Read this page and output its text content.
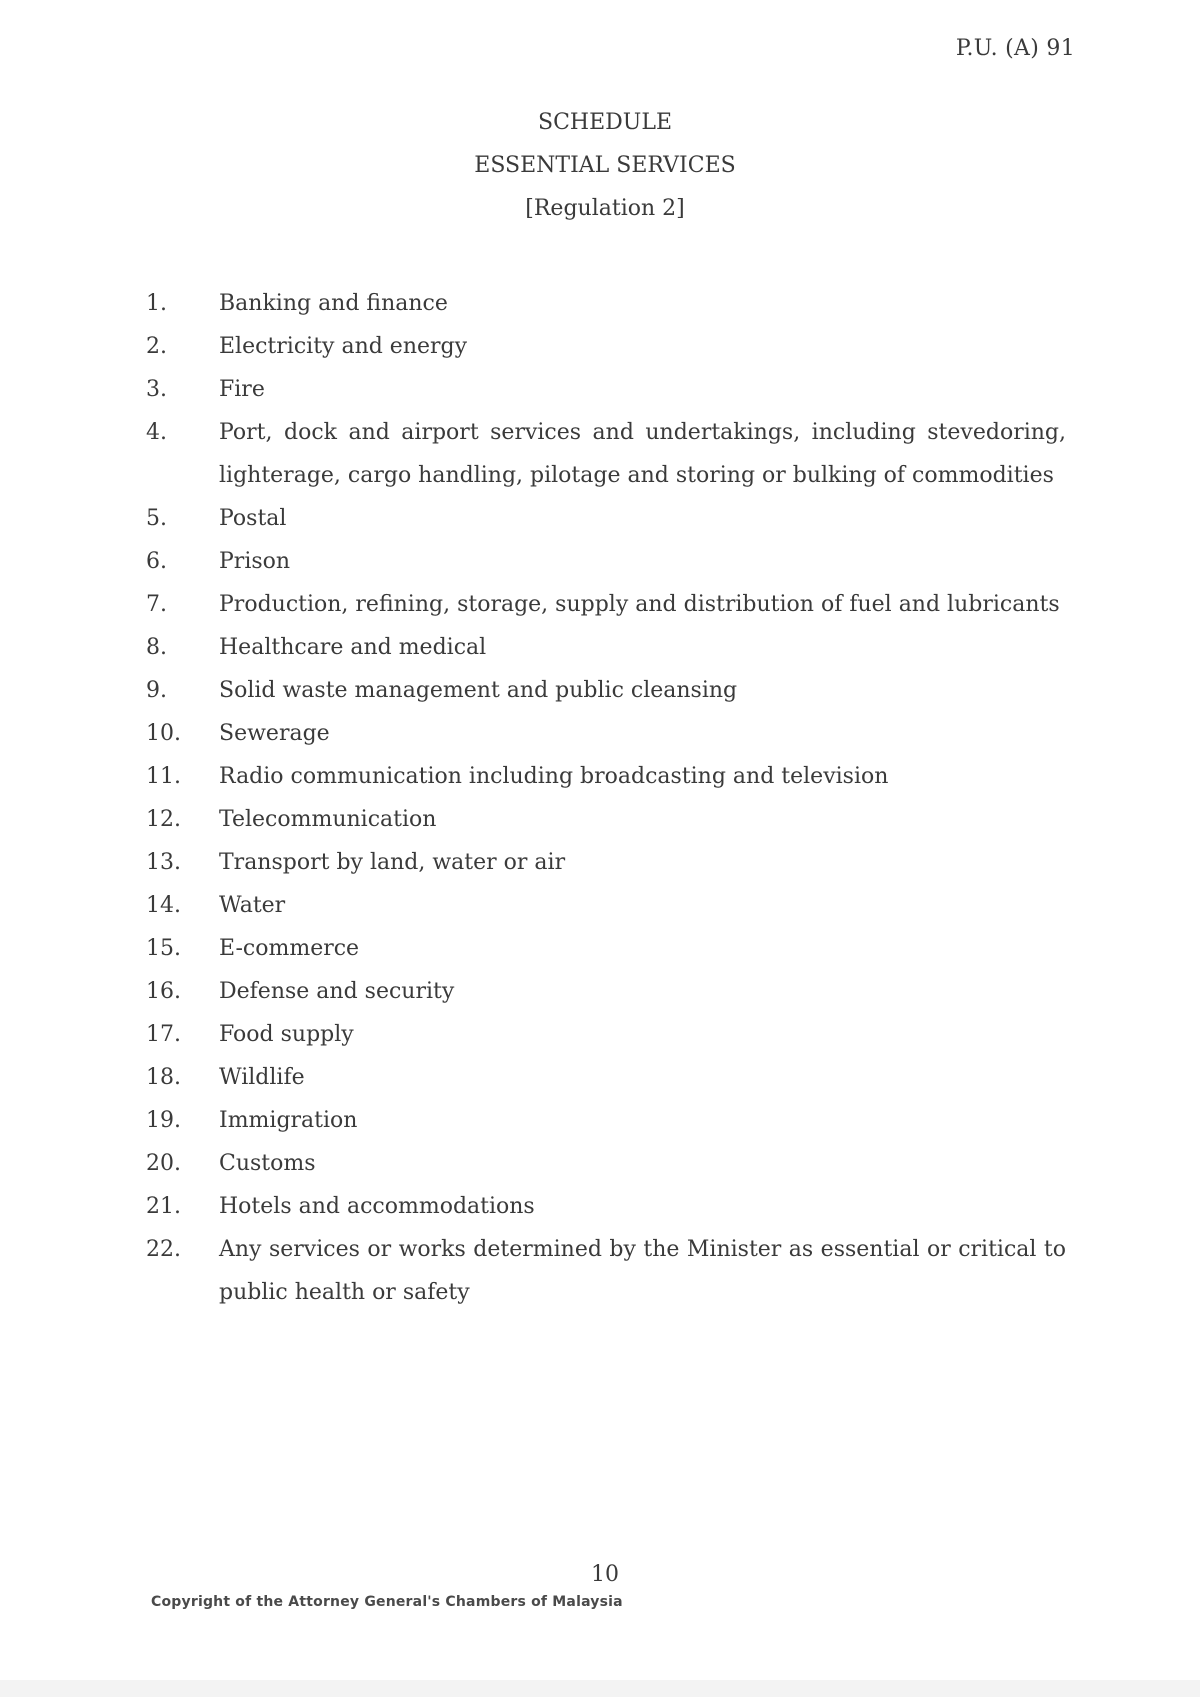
P.U. (A) 91
SCHEDULE
ESSENTIAL SERVICES
[Regulation 2]
1.	Banking and finance
2.	Electricity and energy
3.	Fire
4.	Port, dock and airport services and undertakings, including stevedoring, lighterage, cargo handling, pilotage and storing or bulking of commodities
5.	Postal
6.	Prison
7.	Production, refining, storage, supply and distribution of fuel and lubricants
8.	Healthcare and medical
9.	Solid waste management and public cleansing
10.	Sewerage
11.	Radio communication including broadcasting and television
12.	Telecommunication
13.	Transport by land, water or air
14.	Water
15.	E-commerce
16.	Defense and security
17.	Food supply
18.	Wildlife
19.	Immigration
20.	Customs
21.	Hotels and accommodations
22.	Any services or works determined by the Minister as essential or critical to public health or safety
10
Copyright of the Attorney General's Chambers of Malaysia
